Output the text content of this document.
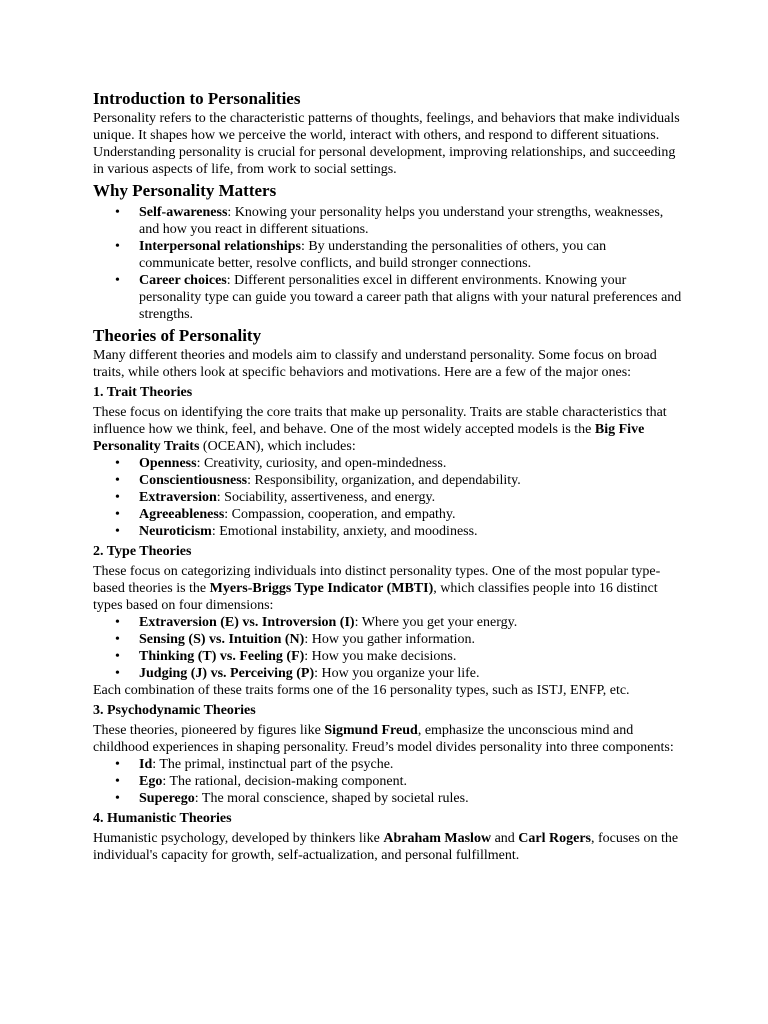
Introduction to Personalities

Personality refers to the characteristic patterns of thoughts, feelings, and behaviors that make individuals unique. It shapes how we perceive the world, interact with others, and respond to different situations. Understanding personality is crucial for personal development, improving relationships, and succeeding in various aspects of life, from work to social settings.

Why Personality Matters
• Self-awareness: Knowing your personality helps you understand your strengths, weaknesses, and how you react in different situations.
• Interpersonal relationships: By understanding the personalities of others, you can communicate better, resolve conflicts, and build stronger connections.
• Career choices: Different personalities excel in different environments. Knowing your personality type can guide you toward a career path that aligns with your natural preferences and strengths.
Theories of Personality

Many different theories and models aim to classify and understand personality. Some focus on broad traits, while others look at specific behaviors and motivations. Here are a few of the major ones:

1. Trait Theories

These focus on identifying the core traits that make up personality. Traits are stable characteristics that influence how we think, feel, and behave. One of the most widely accepted models is the Big Five Personality Traits (OCEAN), which includes:

• Openness: Creativity, curiosity, and open-mindedness.
• Conscientiousness: Responsibility, organization, and dependability.
• Extraversion: Sociability, assertiveness, and energy.
• Agreeableness: Compassion, cooperation, and empathy.
• Neuroticism: Emotional instability, anxiety, and moodiness.
2. Type Theories

These focus on categorizing individuals into distinct personality types. One of the most popular type-based theories is the Myers-Briggs Type Indicator (MBTI), which classifies people into 16 distinct types based on four dimensions:

• Extraversion (E) vs. Introversion (I): Where you get your energy.
• Sensing (S) vs. Intuition (N): How you gather information.
• Thinking (T) vs. Feeling (F): How you make decisions.
• Judging (J) vs. Perceiving (P): How you organize your life.

Each combination of these traits forms one of the 16 personality types, such as ISTJ, ENFP, etc.

3. Psychodynamic Theories

These theories, pioneered by figures like Sigmund Freud, emphasize the unconscious mind and childhood experiences in shaping personality. Freud’s model divides personality into three components:

• Id: The primal, instinctual part of the psyche.
• Ego: The rational, decision-making component.
• Superego: The moral conscience, shaped by societal rules.
4. Humanistic Theories

Humanistic psychology, developed by thinkers like Abraham Maslow and Carl Rogers, focuses on the individual's capacity for growth, self-actualization, and personal fulfillment.
